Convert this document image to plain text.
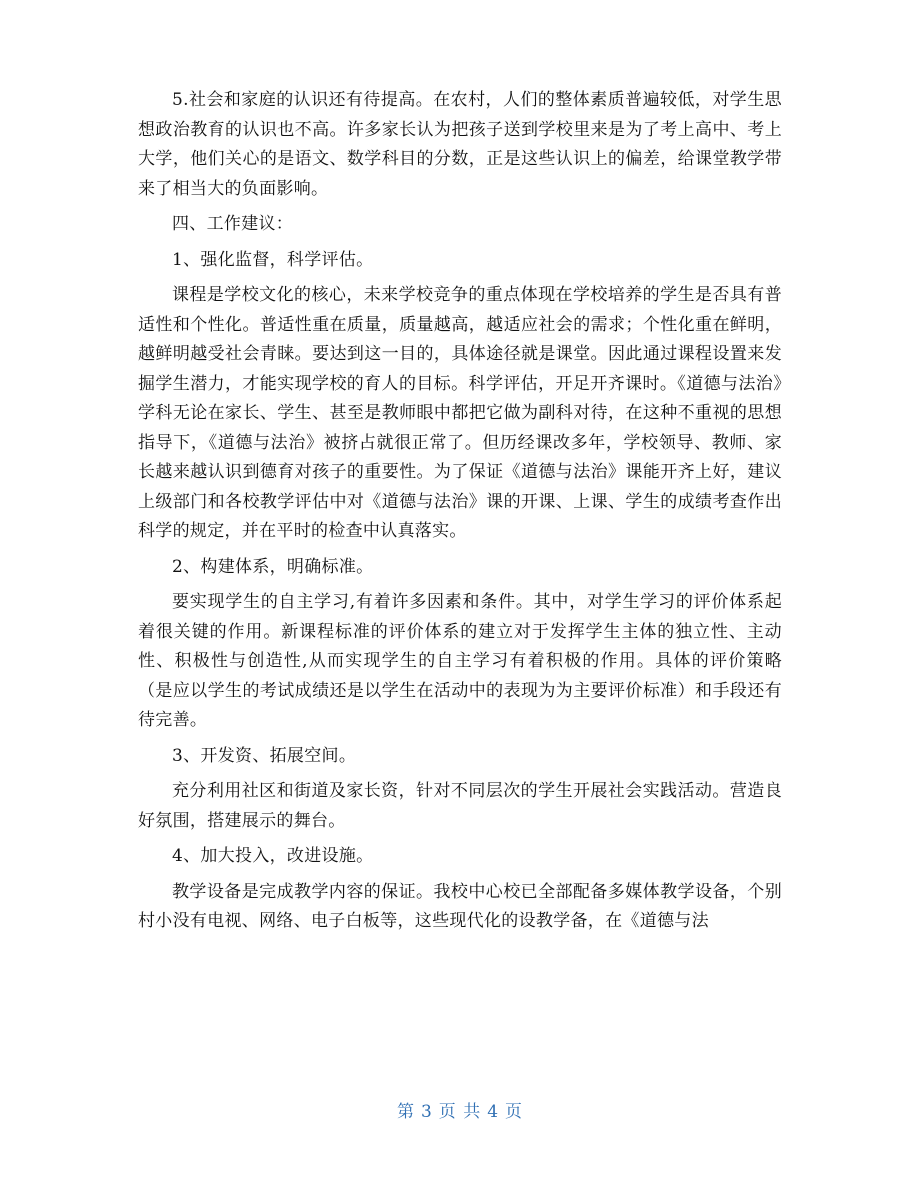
5.社会和家庭的认识还有待提高。在农村，人们的整体素质普遍较低，对学生思想政治教育的认识也不高。许多家长认为把孩子送到学校里来是为了考上高中、考上大学，他们关心的是语文、数学科目的分数，正是这些认识上的偏差，给课堂教学带来了相当大的负面影响。

四、工作建议：

1、强化监督，科学评估。

课程是学校文化的核心，未来学校竞争的重点体现在学校培养的学生是否具有普适性和个性化。普适性重在质量，质量越高，越适应社会的需求；个性化重在鲜明，越鲜明越受社会青睐。要达到这一目的，具体途径就是课堂。因此通过课程设置来发掘学生潜力，才能实现学校的育人的目标。科学评估，开足开齐课时。《道德与法治》学科无论在家长、学生、甚至是教师眼中都把它做为副科对待，在这种不重视的思想指导下，《道德与法治》被挤占就很正常了。但历经课改多年，学校领导、教师、家长越来越认识到德育对孩子的重要性。为了保证《道德与法治》课能开齐上好，建议上级部门和各校教学评估中对《道德与法治》课的开课、上课、学生的成绩考查作出科学的规定，并在平时的检查中认真落实。

2、构建体系，明确标准。

要实现学生的自主学习,有着许多因素和条件。其中，对学生学习的评价体系起着很关键的作用。新课程标准的评价体系的建立对于发挥学生主体的独立性、主动性、积极性与创造性,从而实现学生的自主学习有着积极的作用。具体的评价策略（是应以学生的考试成绩还是以学生在活动中的表现为为主要评价标准）和手段还有待完善。

3、开发资、拓展空间。

充分利用社区和街道及家长资，针对不同层次的学生开展社会实践活动。营造良好氛围，搭建展示的舞台。

4、加大投入，改进设施。

教学设备是完成教学内容的保证。我校中心校已全部配备多媒体教学设备，个别村小没有电视、网络、电子白板等，这些现代化的设教学备，在《道德与法

第 3 页 共 4 页
